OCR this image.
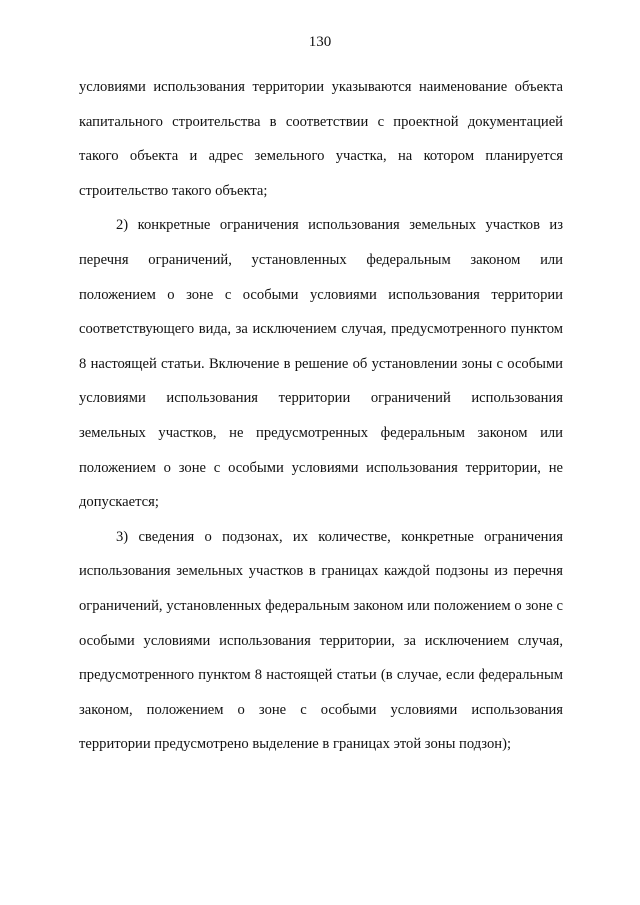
130

условиями использования территории указываются наименование объекта капитального строительства в соответствии с проектной документацией такого объекта и адрес земельного участка, на котором планируется строительство такого объекта;

2) конкретные ограничения использования земельных участков из перечня ограничений, установленных федеральным законом или положением о зоне с особыми условиями использования территории соответствующего вида, за исключением случая, предусмотренного пунктом 8 настоящей статьи. Включение в решение об установлении зоны с особыми условиями использования территории ограничений использования земельных участков, не предусмотренных федеральным законом или положением о зоне с особыми условиями использования территории, не допускается;

3) сведения о подзонах, их количестве, конкретные ограничения использования земельных участков в границах каждой подзоны из перечня ограничений, установленных федеральным законом или положением о зоне с особыми условиями использования территории, за исключением случая, предусмотренного пунктом 8 настоящей статьи (в случае, если федеральным законом, положением о зоне с особыми условиями использования территории предусмотрено выделение в границах этой зоны подзон);
